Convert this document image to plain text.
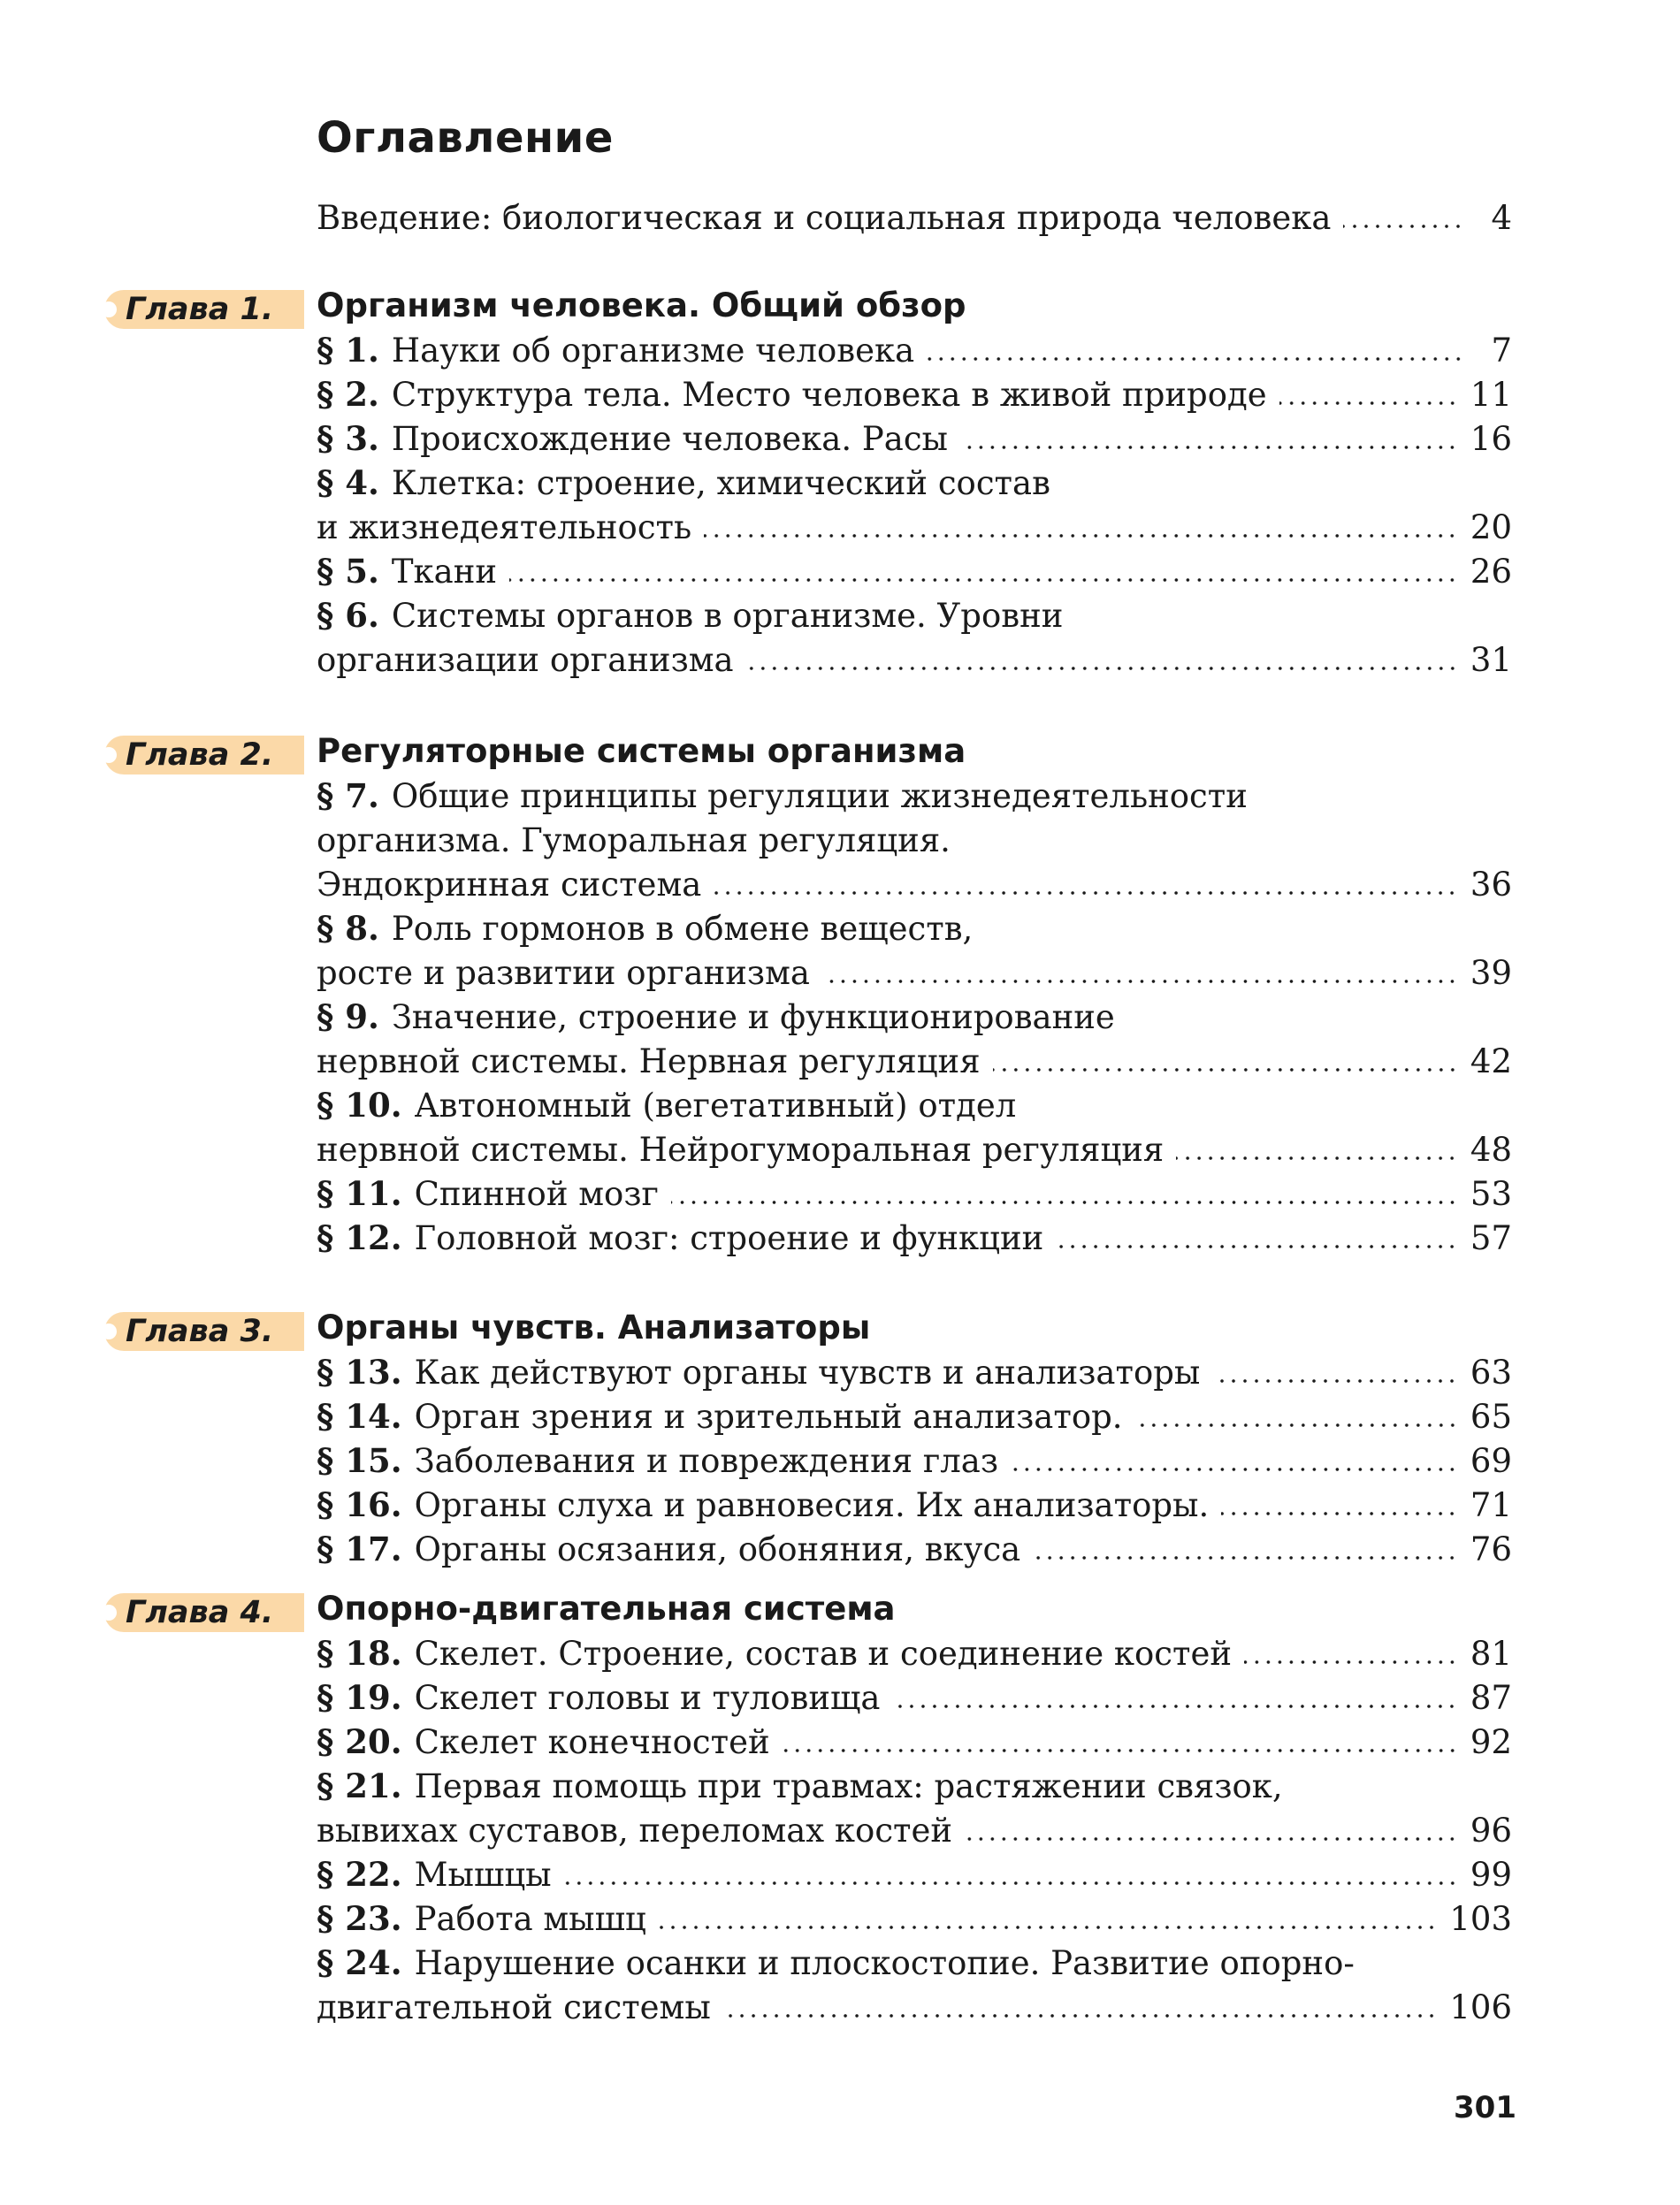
Оглавление
Введение: биологическая и социальная природа человека	4
Глава 1.	Организм человека. Общий обзор
§ 1. Науки об организме человека	7
§ 2. Структура тела. Место человека в живой природе	11
§ 3. Происхождение человека. Расы	16
§ 4. Клетка: строение, химический состав
и жизнедеятельность	20
§ 5. Ткани	26
§ 6. Системы органов в организме. Уровни
организации организма	31
Глава 2.	Регуляторные системы организма
§ 7. Общие принципы регуляции жизнедеятельности
организма. Гуморальная регуляция.
Эндокринная система	36
§ 8. Роль гормонов в обмене веществ,
росте и развитии организма	39
§ 9. Значение, строение и функционирование
нервной системы. Нервная регуляция	42
§ 10. Автономный (вегетативный) отдел
нервной системы. Нейрогуморальная регуляция	48
§ 11. Спинной мозг	53
§ 12. Головной мозг: строение и функции	57
Глава 3.	Органы чувств. Анализаторы
§ 13. Как действуют органы чувств и анализаторы	63
§ 14. Орган зрения и зрительный анализатор.	65
§ 15. Заболевания и повреждения глаз	69
§ 16. Органы слуха и равновесия. Их анализаторы.	71
§ 17. Органы осязания, обоняния, вкуса	76
Глава 4.	Опорно-двигательная система
§ 18. Скелет. Строение, состав и соединение костей	81
§ 19. Скелет головы и туловища	87
§ 20. Скелет конечностей	92
§ 21. Первая помощь при травмах: растяжении связок,
вывихах суставов, переломах костей	96
§ 22. Мышцы	99
§ 23. Работа мышц	103
§ 24. Нарушение осанки и плоскостопие. Развитие опорно-
двигательной системы	106
301
